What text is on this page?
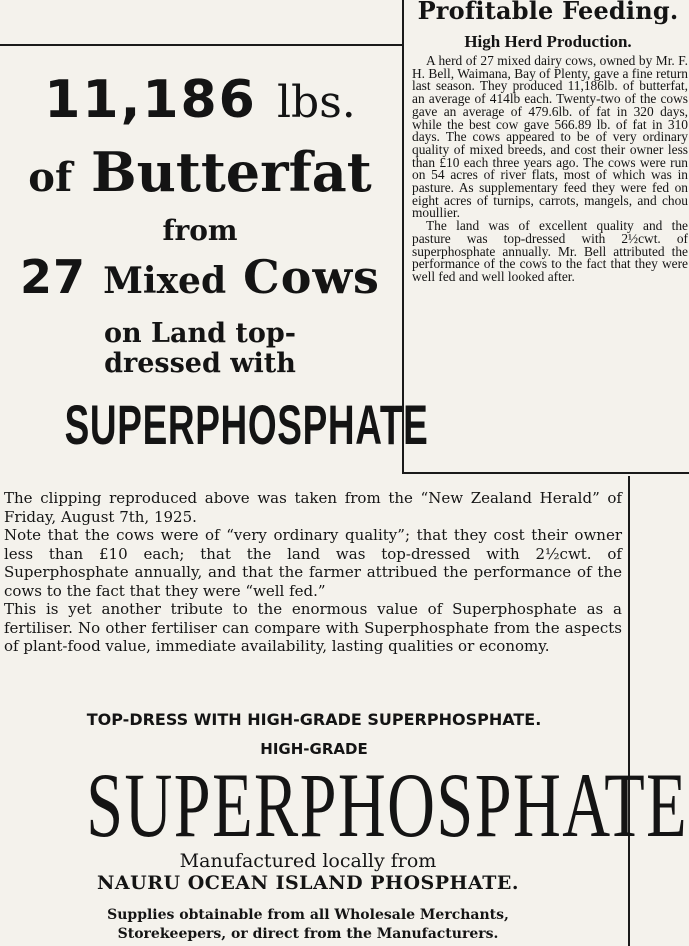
Profitable Feeding.
High Herd Production.

A herd of 27 mixed dairy cows, owned by Mr. F. H. Bell, Waimana, Bay of Plenty, gave a fine return last season. They produced 11,186lb. of butterfat, an average of 414lb each. Twenty-two of the cows gave an average of 479.6lb. of fat in 320 days, while the best cow gave 566.89 lb. of fat in 310 days. The cows appeared to be of very ordinary quality of mixed breeds, and cost their owner less than £10 each three years ago. The cows were run on 54 acres of river flats, most of which was in pasture. As supplementary feed they were fed on eight acres of turnips, carrots, mangels, and chou moullier.

The land was of excellent quality and the pasture was top-dressed with 2½cwt. of superphosphate annually. Mr. Bell attributed the performance of the cows to the fact that they were well fed and well looked after.

11,186 lbs.
of Butterfat
from
27 Mixed Cows
on Land top-
dressed with
SUPERPHOSPHATE

The clipping reproduced above was taken from the “New Zealand Herald” of Friday, August 7th, 1925.

Note that the cows were of “very ordinary quality”; that they cost their owner less than £10 each; that the land was top-dressed with 2½cwt. of Superphosphate annually, and that the farmer attribued the performance of the cows to the fact that they were “well fed.”

This is yet another tribute to the enormous value of Superphosphate as a fertiliser. No other fertiliser can compare with Superphosphate from the aspects of plant-food value, immediate availability, lasting qualities or economy.

TOP-DRESS WITH HIGH-GRADE SUPERPHOSPHATE.
HIGH-GRADE
SUPERPHOSPHATE
Manufactured locally from
NAURU OCEAN ISLAND PHOSPHATE.
Supplies obtainable from all Wholesale Merchants,
Storekeepers, or direct from the Manufacturers.
